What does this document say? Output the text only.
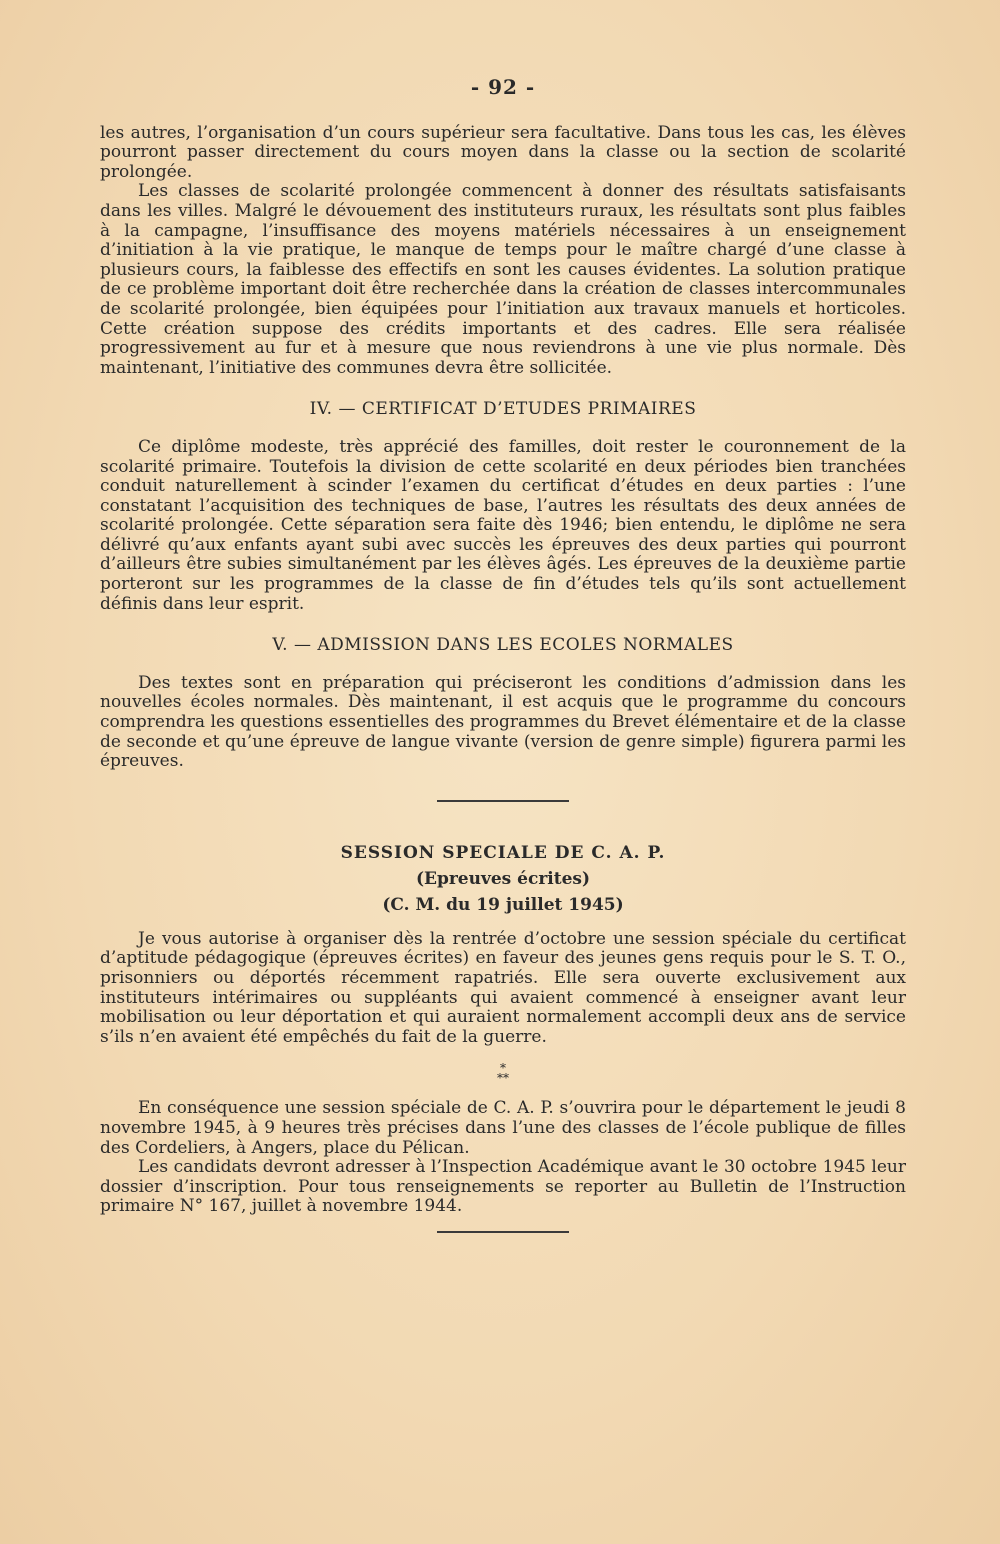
- 92 -

les autres, l’organisation d’un cours supérieur sera facultative. Dans tous les cas, les élèves pourront passer directement du cours moyen dans la classe ou la section de scolarité prolongée.

Les classes de scolarité prolongée commencent à donner des résultats satisfaisants dans les villes. Malgré le dévouement des instituteurs ruraux, les résultats sont plus faibles à la campagne, l’insuffisance des moyens matériels nécessaires à un enseignement d’initiation à la vie pratique, le manque de temps pour le maître chargé d’une classe à plusieurs cours, la faiblesse des effectifs en sont les causes évidentes. La solution pratique de ce problème important doit être recherchée dans la création de classes intercommunales de scolarité prolongée, bien équipées pour l’initiation aux travaux manuels et horticoles. Cette création suppose des crédits importants et des cadres. Elle sera réalisée progressivement au fur et à mesure que nous reviendrons à une vie plus normale. Dès maintenant, l’initiative des communes devra être sollicitée.

IV. — CERTIFICAT D’ETUDES PRIMAIRES

Ce diplôme modeste, très apprécié des familles, doit rester le couronnement de la scolarité primaire. Toutefois la division de cette scolarité en deux périodes bien tranchées conduit naturellement à scinder l’examen du certificat d’études en deux parties : l’une constatant l’acquisition des techniques de base, l’autres les résultats des deux années de scolarité prolongée. Cette séparation sera faite dès 1946; bien entendu, le diplôme ne sera délivré qu’aux enfants ayant subi avec succès les épreuves des deux parties qui pourront d’ailleurs être subies simultanément par les élèves âgés. Les épreuves de la deuxième partie porteront sur les programmes de la classe de fin d’études tels qu’ils sont actuellement définis dans leur esprit.

V. — ADMISSION DANS LES ECOLES NORMALES

Des textes sont en préparation qui préciseront les conditions d’admission dans les nouvelles écoles normales. Dès maintenant, il est acquis que le programme du concours comprendra les questions essentielles des programmes du Brevet élémentaire et de la classe de seconde et qu’une épreuve de langue vivante (version de genre simple) figurera parmi les épreuves.

SESSION SPECIALE DE C. A. P.
(Epreuves écrites)
(C. M. du 19 juillet 1945)

Je vous autorise à organiser dès la rentrée d’octobre une session spéciale du certificat d’aptitude pédagogique (épreuves écrites) en faveur des jeunes gens requis pour le S. T. O., prisonniers ou déportés récemment rapatriés. Elle sera ouverte exclusivement aux instituteurs intérimaires ou suppléants qui avaient commencé à enseigner avant leur mobilisation ou leur déportation et qui auraient normalement accompli deux ans de service s’ils n’en avaient été empêchés du fait de la guerre.

*
**

En conséquence une session spéciale de C. A. P. s’ouvrira pour le département le jeudi 8 novembre 1945, à 9 heures très précises dans l’une des classes de l’école publique de filles des Cordeliers, à Angers, place du Pélican.

Les candidats devront adresser à l’Inspection Académique avant le 30 octobre 1945 leur dossier d’inscription. Pour tous renseignements se reporter au Bulletin de l’Instruction primaire N° 167, juillet à novembre 1944.
